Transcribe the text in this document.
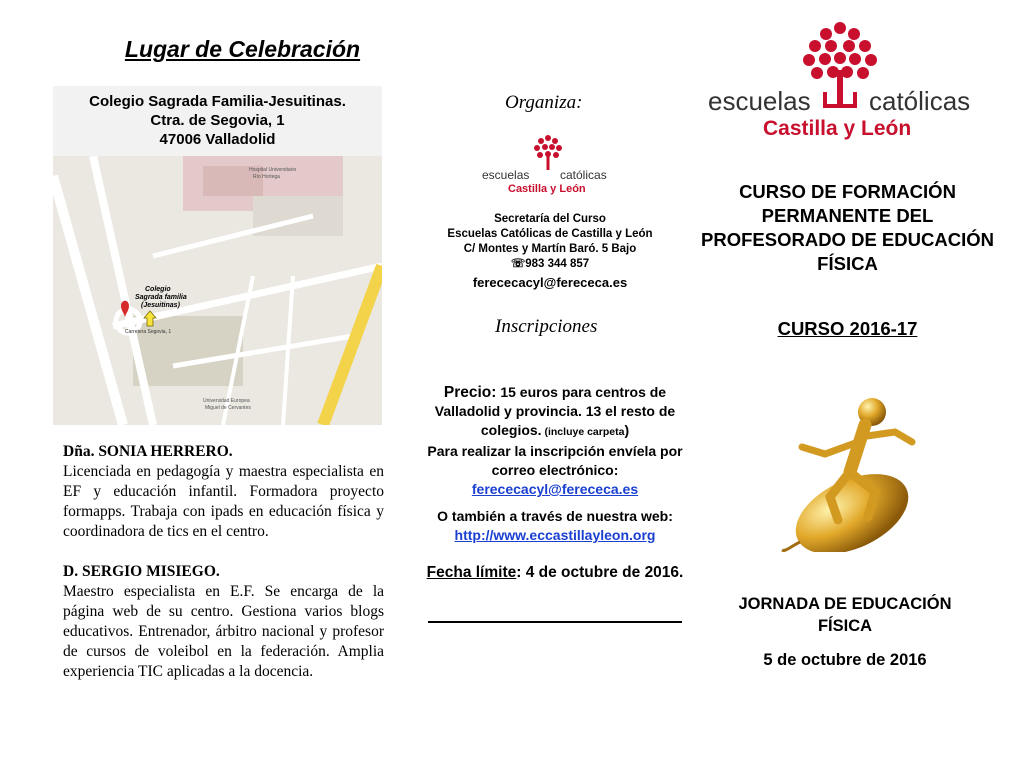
Lugar de Celebración
Colegio Sagrada Familia-Jesuitinas.
Ctra. de Segovia, 1
47006 Valladolid
Colegio
Sagrada familia
(Jesuitinas)
Carretera Segovia, 1
Universidad Europea
Miguel de Cervantes
Hospital Universitario
Río Hortega

Dña. SONIA HERRERO.

Licenciada en pedagogía y maestra especialista en EF y educación infantil. Formadora proyecto formapps. Trabaja con ipads en educación física y coordinadora de tics en el centro.

D. SERGIO MISIEGO.

Maestro especialista en E.F. Se encarga de la página web de su centro. Gestiona varios blogs educativos. Entrenador, árbitro nacional y profesor de cursos de voleibol en la federación. Amplia experiencia TIC aplicadas a la docencia.

Organiza:
escuelas	católicas
Castilla y León
Secretaría del Curso
Escuelas Católicas de Castilla y León
C/ Montes y Martín Baró. 5 Bajo
☏983 344 857
ferececacyl@ferececa.es
Inscripciones
Precio: 15 euros para centros de Valladolid y provincia. 13 el resto de colegios. (incluye carpeta)
Para realizar la inscripción envíela por correo electrónico:
ferececacyl@ferececa.es
O también a través de nuestra web:
http://www.eccastillayleon.org
Fecha límite: 4 de octubre de 2016.
escuelas católicas
Castilla y León
CURSO DE FORMACIÓN PERMANENTE DEL PROFESORADO DE EDUCACIÓN FÍSICA
CURSO 2016-17
JORNADA DE EDUCACIÓN FÍSICA
5 de octubre de 2016
